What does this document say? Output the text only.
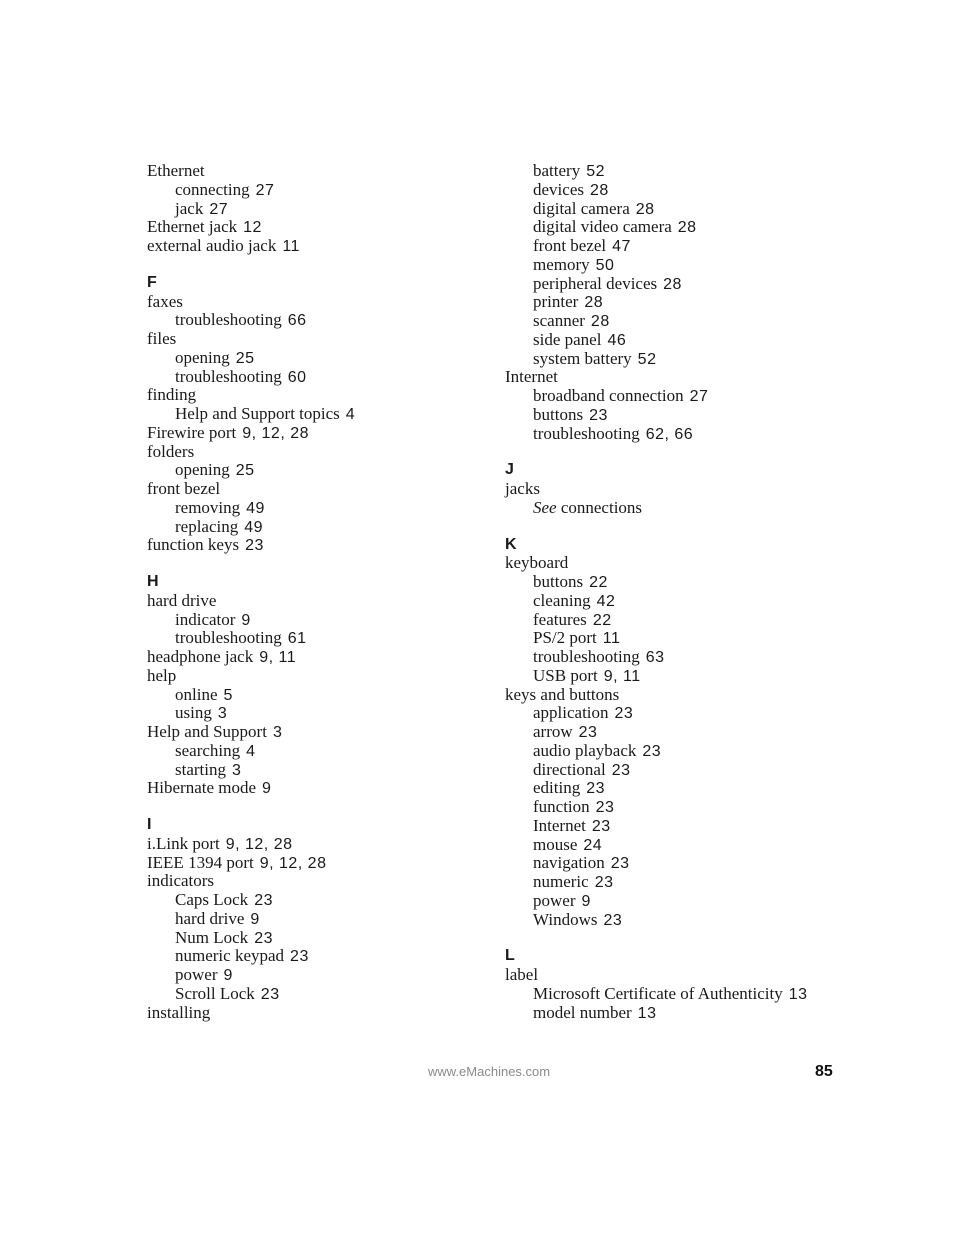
Ethernet
connecting 27
jack 27
Ethernet jack 12
external audio jack 11
F
faxes
troubleshooting 66
files
opening 25
troubleshooting 60
finding
Help and Support topics 4
Firewire port 9, 12, 28
folders
opening 25
front bezel
removing 49
replacing 49
function keys 23
H
hard drive
indicator 9
troubleshooting 61
headphone jack 9, 11
help
online 5
using 3
Help and Support 3
searching 4
starting 3
Hibernate mode 9
I
i.Link port 9, 12, 28
IEEE 1394 port 9, 12, 28
indicators
Caps Lock 23
hard drive 9
Num Lock 23
numeric keypad 23
power 9
Scroll Lock 23
installing
battery 52
devices 28
digital camera 28
digital video camera 28
front bezel 47
memory 50
peripheral devices 28
printer 28
scanner 28
side panel 46
system battery 52
Internet
broadband connection 27
buttons 23
troubleshooting 62, 66
J
jacks
See connections
K
keyboard
buttons 22
cleaning 42
features 22
PS/2 port 11
troubleshooting 63
USB port 9, 11
keys and buttons
application 23
arrow 23
audio playback 23
directional 23
editing 23
function 23
Internet 23
mouse 24
navigation 23
numeric 23
power 9
Windows 23
L
label
Microsoft Certificate of Authenticity 13
model number 13
www.eMachines.com	85
